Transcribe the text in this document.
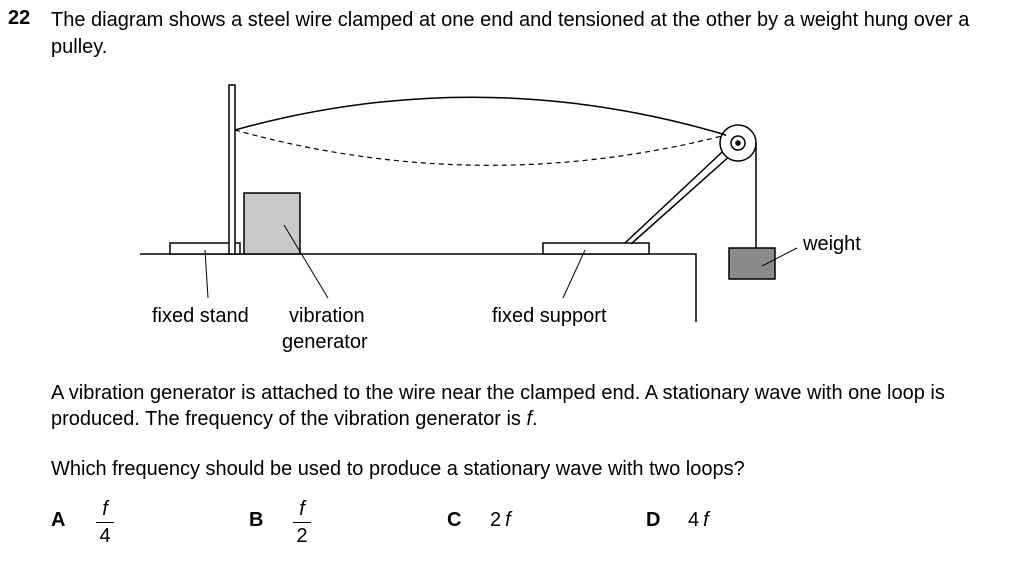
22 The diagram shows a steel wire clamped at one end and tensioned at the other by a weight hung over a pulley.
fixed stand vibration
generator
fixed support
weight
A vibration generator is attached to the wire near the clamped end. A stationary wave with one loop is produced. The frequency of the vibration generator is f.
Which frequency should be used to produce a stationary wave with two loops?
A $\frac{f}{4}$	B $\frac{f}{2}$	C 2  f	D 4  f
